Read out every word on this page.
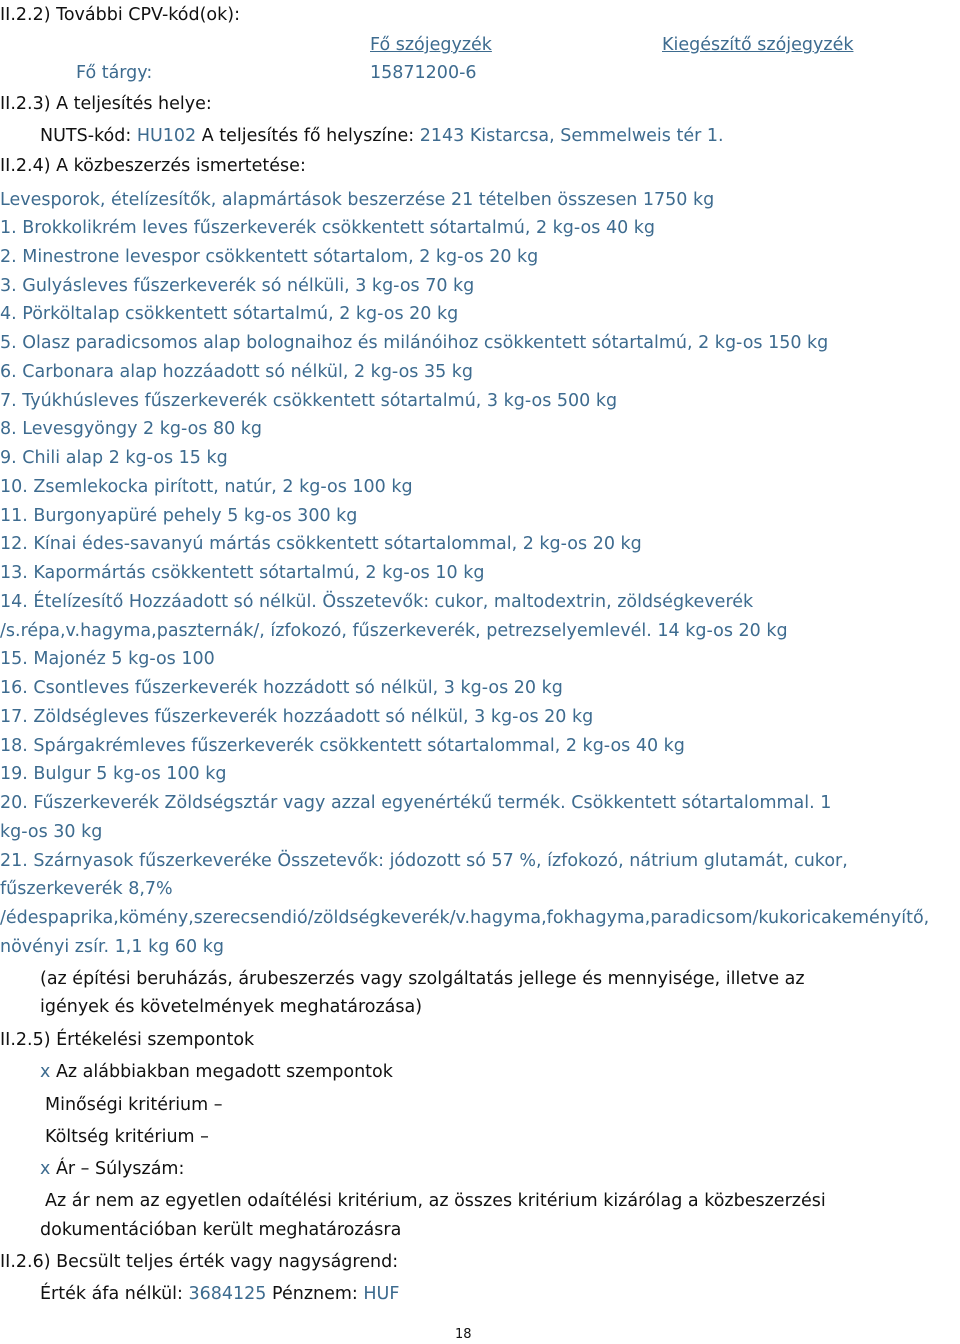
II.2.2) További CPV-kód(ok):
Fő szójegyzék	Kiegészítő szójegyzék
Fő tárgy:	15871200-6
II.2.3) A teljesítés helye:
NUTS-kód: HU102 A teljesítés fő helyszíne: 2143 Kistarcsa, Semmelweis tér 1.
II.2.4) A közbeszerzés ismertetése:
Levesporok, ételízesítők, alapmártások beszerzése 21 tételben összesen 1750 kg
1. Brokkolikrém leves fűszerkeverék csökkentett sótartalmú, 2 kg-os 40 kg
2. Minestrone levespor csökkentett sótartalom, 2 kg-os 20 kg
3. Gulyásleves fűszerkeverék só nélküli, 3 kg-os 70 kg
4. Pörköltalap csökkentett sótartalmú, 2 kg-os 20 kg
5. Olasz paradicsomos alap bolognaihoz és milánóihoz csökkentett sótartalmú, 2 kg-os 150 kg
6. Carbonara alap hozzáadott só nélkül, 2 kg-os 35 kg
7. Tyúkhúsleves fűszerkeverék csökkentett sótartalmú, 3 kg-os 500 kg
8. Levesgyöngy 2 kg-os 80 kg
9. Chili alap 2 kg-os 15 kg
10. Zsemlekocka pirított, natúr, 2 kg-os 100 kg
11. Burgonyapüré pehely 5 kg-os 300 kg
12. Kínai édes-savanyú mártás csökkentett sótartalommal, 2 kg-os 20 kg
13. Kapormártás csökkentett sótartalmú, 2 kg-os 10 kg
14. Ételízesítő Hozzáadott só nélkül. Összetevők: cukor, maltodextrin, zöldségkeverék
/s.répa,v.hagyma,paszternák/, ízfokozó, fűszerkeverék, petrezselyemlevél. 14 kg-os 20 kg
15. Majonéz 5 kg-os 100
16. Csontleves fűszerkeverék hozzádott só nélkül, 3 kg-os 20 kg
17. Zöldségleves fűszerkeverék hozzáadott só nélkül, 3 kg-os 20 kg
18. Spárgakrémleves fűszerkeverék csökkentett sótartalommal, 2 kg-os 40 kg
19. Bulgur 5 kg-os 100 kg
20. Fűszerkeverék Zöldségsztár vagy azzal egyenértékű termék. Csökkentett sótartalommal. 1
kg-os 30 kg
21. Szárnyasok fűszerkeveréke Összetevők: jódozott só 57 %, ízfokozó, nátrium glutamát, cukor,
fűszerkeverék 8,7%
/édespaprika,kömény,szerecsendió/zöldségkeverék/v.hagyma,fokhagyma,paradicsom/kukoricakeményítő,
növényi zsír. 1,1 kg 60 kg
(az építési beruházás, árubeszerzés vagy szolgáltatás jellege és mennyisége, illetve az
igények és követelmények meghatározása)
II.2.5) Értékelési szempontok
x Az alábbiakban megadott szempontok
Minőségi kritérium –
Költség kritérium –
x Ár – Súlyszám:
Az ár nem az egyetlen odaítélési kritérium, az összes kritérium kizárólag a közbeszerzési
dokumentációban került meghatározásra
II.2.6) Becsült teljes érték vagy nagyságrend:
Érték áfa nélkül: 3684125 Pénznem: HUF
18
